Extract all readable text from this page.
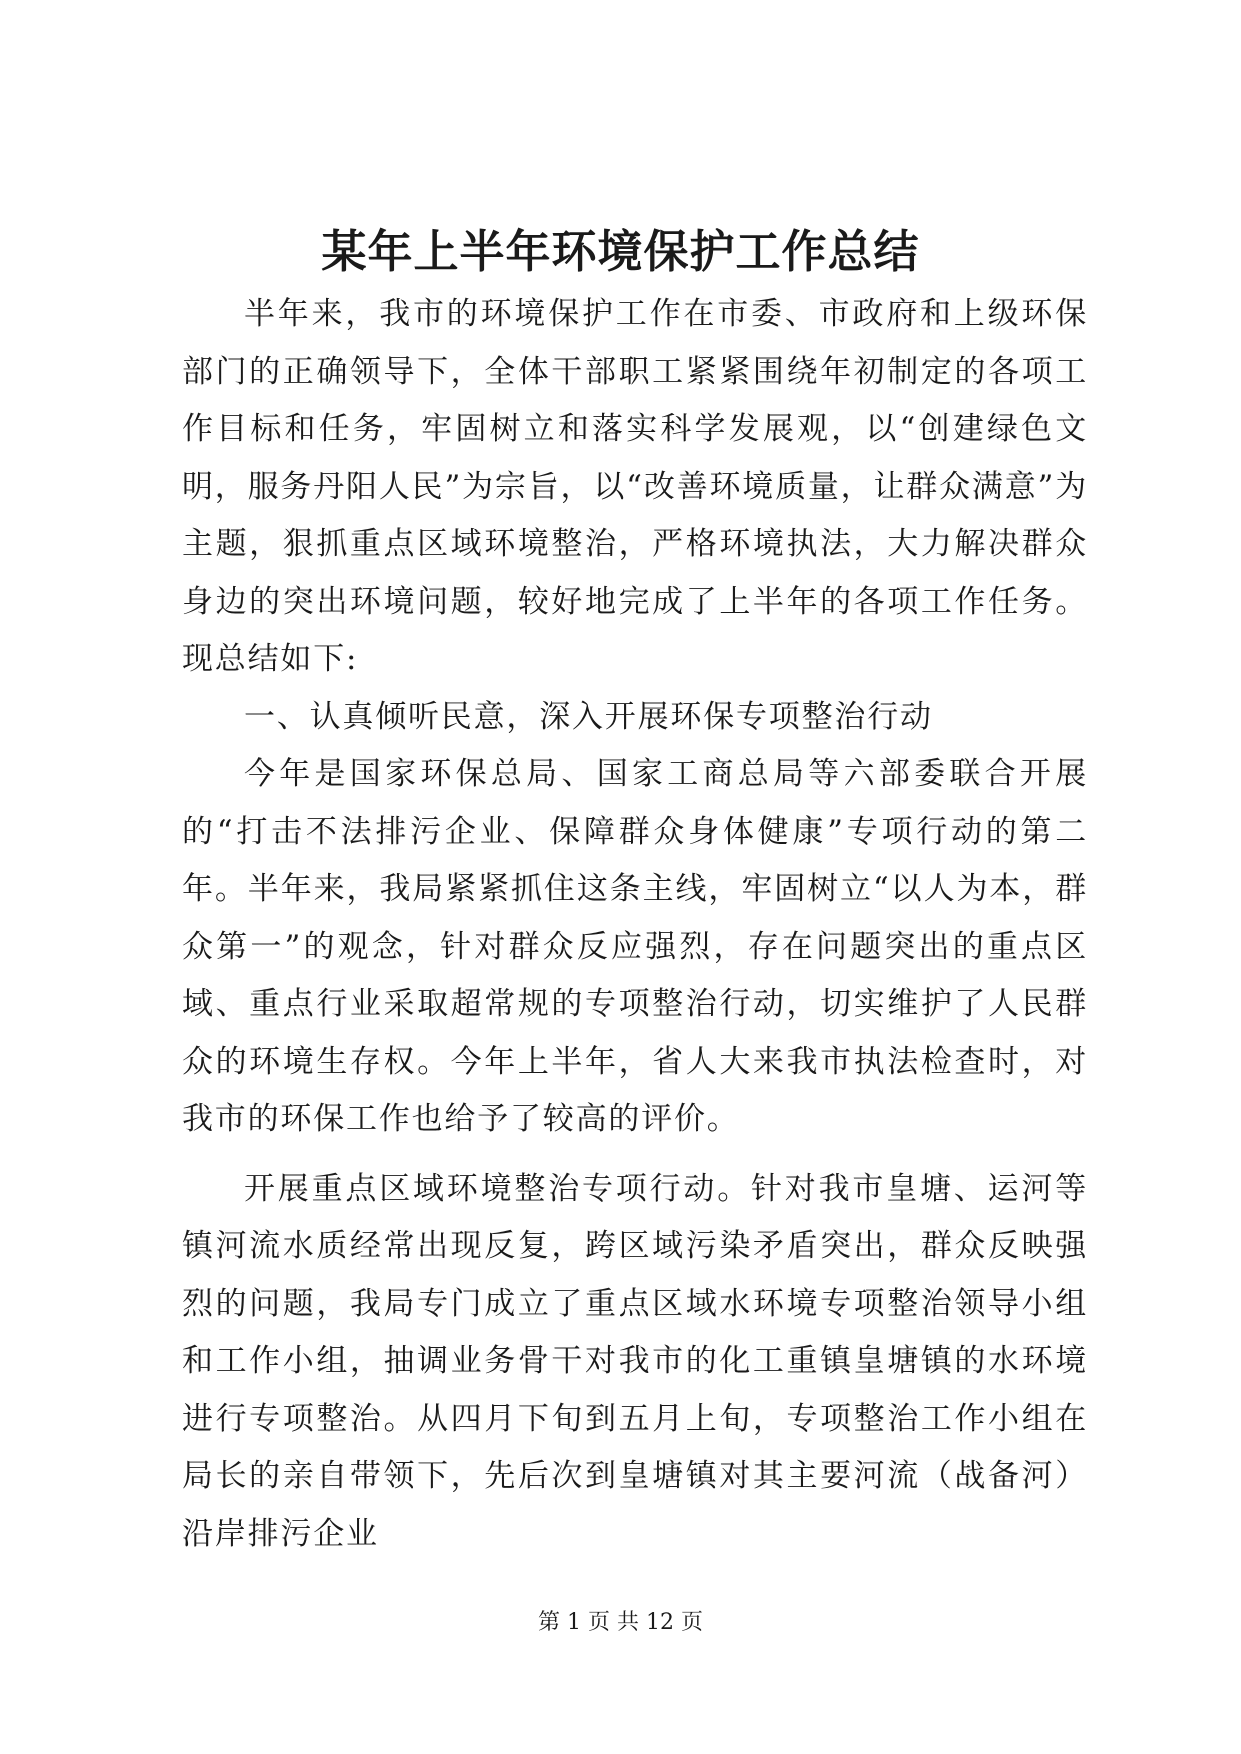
某年上半年环境保护工作总结

半年来，我市的环境保护工作在市委、市政府和上级环保部门的正确领导下，全体干部职工紧紧围绕年初制定的各项工作目标和任务，牢固树立和落实科学发展观，以“创建绿色文明，服务丹阳人民”为宗旨，以“改善环境质量，让群众满意”为主题，狠抓重点区域环境整治，严格环境执法，大力解决群众身边的突出环境问题，较好地完成了上半年的各项工作任务。现总结如下:

一、认真倾听民意，深入开展环保专项整治行动

今年是国家环保总局、国家工商总局等六部委联合开展的“打击不法排污企业、保障群众身体健康”专项行动的第二年。半年来，我局紧紧抓住这条主线，牢固树立“以人为本，群众第一”的观念，针对群众反应强烈，存在问题突出的重点区域、重点行业采取超常规的专项整治行动，切实维护了人民群众的环境生存权。今年上半年，省人大来我市执法检查时，对我市的环保工作也给予了较高的评价。

开展重点区域环境整治专项行动。针对我市皇塘、运河等镇河流水质经常出现反复，跨区域污染矛盾突出，群众反映强烈的问题，我局专门成立了重点区域水环境专项整治领导小组和工作小组，抽调业务骨干对我市的化工重镇皇塘镇的水环境进行专项整治。从四月下旬到五月上旬，专项整治工作小组在局长的亲自带领下，先后次到皇塘镇对其主要河流（战备河）沿岸排污企业

第 1 页 共 12 页
